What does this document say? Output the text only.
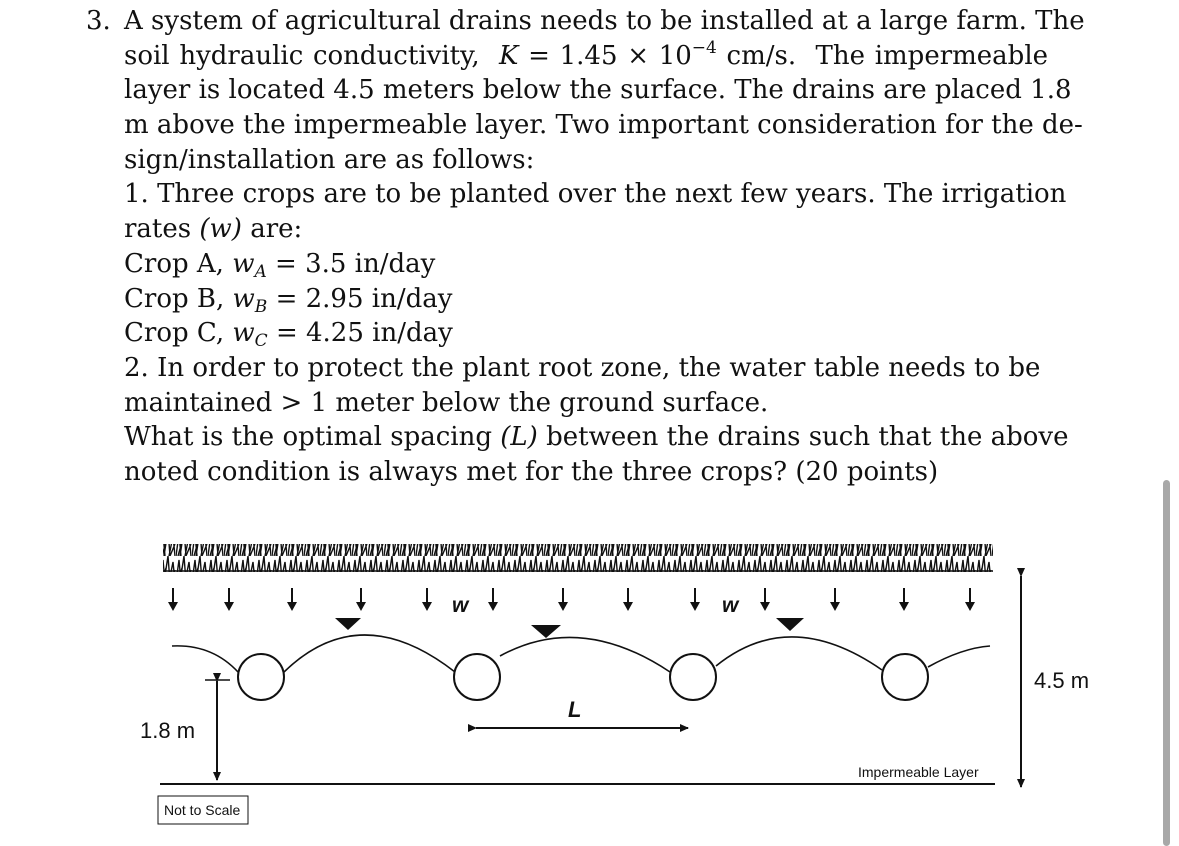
3. A system of agricultural drains needs to be installed at a large farm. The
soil hydraulic conductivity, $K = 1.45 \times 10^{-4}$ cm/s. The impermeable
layer is located 4.5 meters below the surface. The drains are placed 1.8
m above the impermeable layer. Two important consideration for the de-
sign/installation are as follows:
1. Three crops are to be planted over the next few years. The irrigation
rates (w) are:
Crop A, $w_A = 3.5$ in/day
Crop B, $w_B = 2.95$ in/day
Crop C, $w_C = 4.25$ in/day
2. In order to protect the plant root zone, the water table needs to be
maintained > 1 meter below the ground surface.
What is the optimal spacing (L) between the drains such that the above
noted condition is always met for the three crops? (20 points)
w	w
L
1.8 m
Impermeable Layer
4.5 m
Not to Scale
